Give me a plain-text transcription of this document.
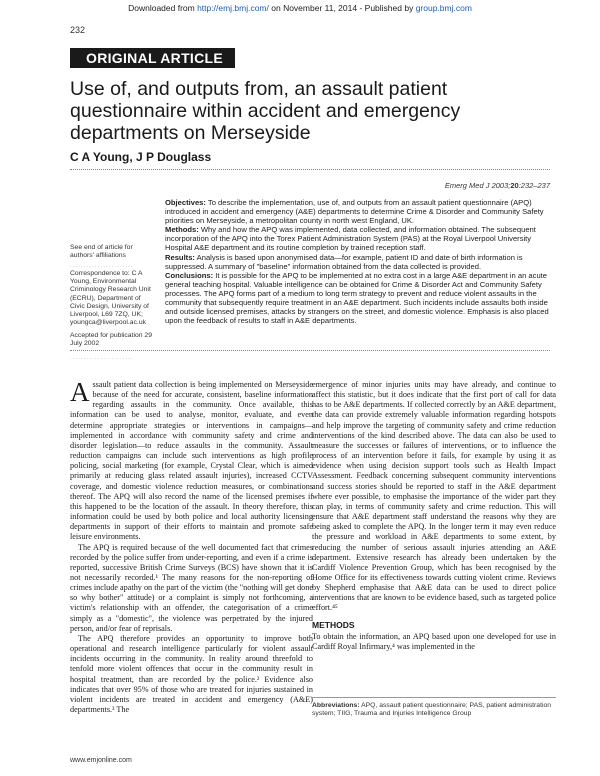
Downloaded from http://emj.bmj.com/ on November 11, 2014 - Published by group.bmj.com
232
ORIGINAL ARTICLE
Use of, and outputs from, an assault patient questionnaire within accident and emergency departments on Merseyside
C A Young, J P Douglass
Emerg Med J 2003;20:232–237
See end of article for authors' affiliations
. . . . . . . . . . . . . . . . . . . . . . .
Correspondence to: C A Young, Environmental Criminology Research Unit (ECRU), Department of Civic Design, University of Liverpool, L69 7ZQ, UK; youngca@liverpool.ac.uk
Accepted for publication 29 July 2002
. . . . . . . . . . . . . . . . . . . . . . .

Objectives: To describe the implementation, use of, and outputs from an assault patient questionnaire (APQ) introduced in accident and emergency (A&E) departments to determine Crime & Disorder and Community Safety priorities on Merseyside, a metropolitan county in north west England, UK.

Methods: Why and how the APQ was implemented, data collected, and information obtained. The subsequent incorporation of the APQ into the Torex Patient Administration System (PAS) at the Royal Liverpool University Hospital A&E department and its routine completion by trained reception staff.

Results: Analysis is based upon anonymised data—for example, patient ID and date of birth information is suppressed. A summary of "baseline" information obtained from the data collected is provided.

Conclusions: It is possible for the APQ to be implemented at no extra cost in a large A&E department in an acute general teaching hospital. Valuable intelligence can be obtained for Crime & Disorder Act and Community Safety processes. The APQ forms part of a medium to long term strategy to prevent and reduce violent assaults in the community that subsequently require treatment in an A&E department. Such incidents include assaults both inside and outside licensed premises, attacks by strangers on the street, and domestic violence. Emphasis is also placed upon the feedback of results to staff in A&E departments.

Assault patient data collection is being implemented on Merseyside because of the need for accurate, consistent, baseline information regarding assaults in the community. Once available, this information can be used to analyse, monitor, evaluate, and even determine appropriate strategies or interventions in campaigns—implemented in accordance with community safety and crime and disorder legislation—to reduce assaults in the community. Assault reduction campaigns can include such interventions as high profile policing, social marketing (for example, Crystal Clear, which is aimed primarily at reducing glass related assault injuries), increased CCTV coverage, and domestic violence reduction measures, or combinations thereof. The APQ will also record the name of the licensed premises if this happened to be the location of the assault. In theory therefore, this information could be used by both police and local authority licensing departments in support of their efforts to maintain and promote safe leisure environments.

The APQ is required because of the well documented fact that crimes recorded by the police suffer from under-reporting, and even if a crime is reported, successive British Crime Surveys (BCS) have shown that it is not necessarily recorded.¹ The many reasons for the non-reporting of crimes include apathy on the part of the victim (the "nothing will get done so why bother" attitude) or a complaint is simply not forthcoming, a victim's relationship with an offender, the categorisation of a crime simply as a "domestic", the violence was perpetrated by the injured person, and/or fear of reprisals.

The APQ therefore provides an opportunity to improve both operational and research intelligence particularly for violent assault incidents occurring in the community. In reality around threefold to tenfold more violent offences that occur in the community result in hospital treatment, than are recorded by the police.² Evidence also indicates that over 95% of those who are treated for injuries sustained in violent incidents are treated in accident and emergency (A&E) departments.³ The

emergence of minor injuries units may have already, and continue to affect this statistic, but it does indicate that the first port of call for data has to be A&E departments. If collected correctly by an A&E department, the data can provide extremely valuable information regarding hotspots and help improve the targeting of community safety and crime reduction interventions of the kind described above. The data can also be used to measure the successes or failures of interventions, or to influence the process of an intervention before it fails, for example by using it as evidence when using decision support tools such as Health Impact Assessment. Feedback concerning subsequent community interventions and success stories should be reported to staff in the A&E department where ever possible, to emphasise the importance of the wider part they can play, in terms of community safety and crime reduction. This will ensure that A&E department staff understand the reasons why they are being asked to complete the APQ. In the longer term it may even reduce the pressure and workload in A&E departments to some extent, by reducing the number of serious assault injuries attending an A&E department. Extensive research has already been undertaken by the Cardiff Violence Prevention Group, which has been recognised by the Home Office for its effectiveness towards cutting violent crime. Reviews by Shepherd emphasise that A&E data can be used to direct police interventions that are known to be evidence based, such as targeted police effort.⁴⁵

METHODS

To obtain the information, an APQ based upon one developed for use in Cardiff Royal Infirmary,⁴ was implemented in the

Abbreviations: APQ, assault patient questionnaire; PAS, patient administration system; TIIG, Trauma and Injuries Intelligence Group
www.emjonline.com
